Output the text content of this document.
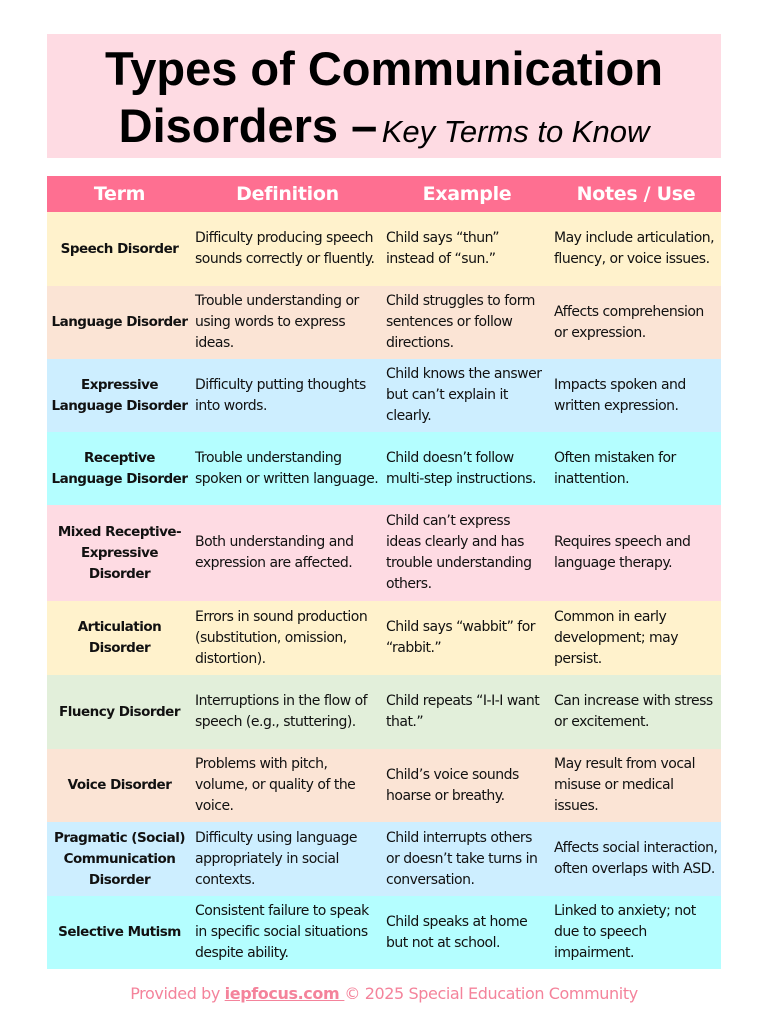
Types of Communication
Disorders – Key Terms to Know
Term	Definition	Example	Notes / Use
Speech Disorder	Difficulty producing speech sounds correctly or fluently.	Child says “thun” instead of “sun.”	May include articulation, fluency, or voice issues.
Language Disorder	Trouble understanding or using words to express ideas.	Child struggles to form sentences or follow directions.	Affects comprehension or expression.
Expressive Language Disorder	Difficulty putting thoughts into words.	Child knows the answer but can’t explain it clearly.	Impacts spoken and written expression.
Receptive Language Disorder	Trouble understanding spoken or written language.	Child doesn’t follow multi-step instructions.	Often mistaken for inattention.
Mixed Receptive-Expressive Disorder	Both understanding and expression are affected.	Child can’t express ideas clearly and has trouble understanding others.	Requires speech and language therapy.
Articulation Disorder	Errors in sound production (substitution, omission, distortion).	Child says “wabbit” for “rabbit.”	Common in early development; may persist.
Fluency Disorder	Interruptions in the flow of speech (e.g., stuttering).	Child repeats “I-I-I want that.”	Can increase with stress or excitement.
Voice Disorder	Problems with pitch, volume, or quality of the voice.	Child’s voice sounds hoarse or breathy.	May result from vocal misuse or medical issues.
Pragmatic (Social) Communication Disorder	Difficulty using language appropriately in social contexts.	Child interrupts others or doesn’t take turns in conversation.	Affects social interaction, often overlaps with ASD.
Selective Mutism	Consistent failure to speak in specific social situations despite ability.	Child speaks at home but not at school.	Linked to anxiety; not due to speech impairment.
Provided by iepfocus.com © 2025 Special Education Community
